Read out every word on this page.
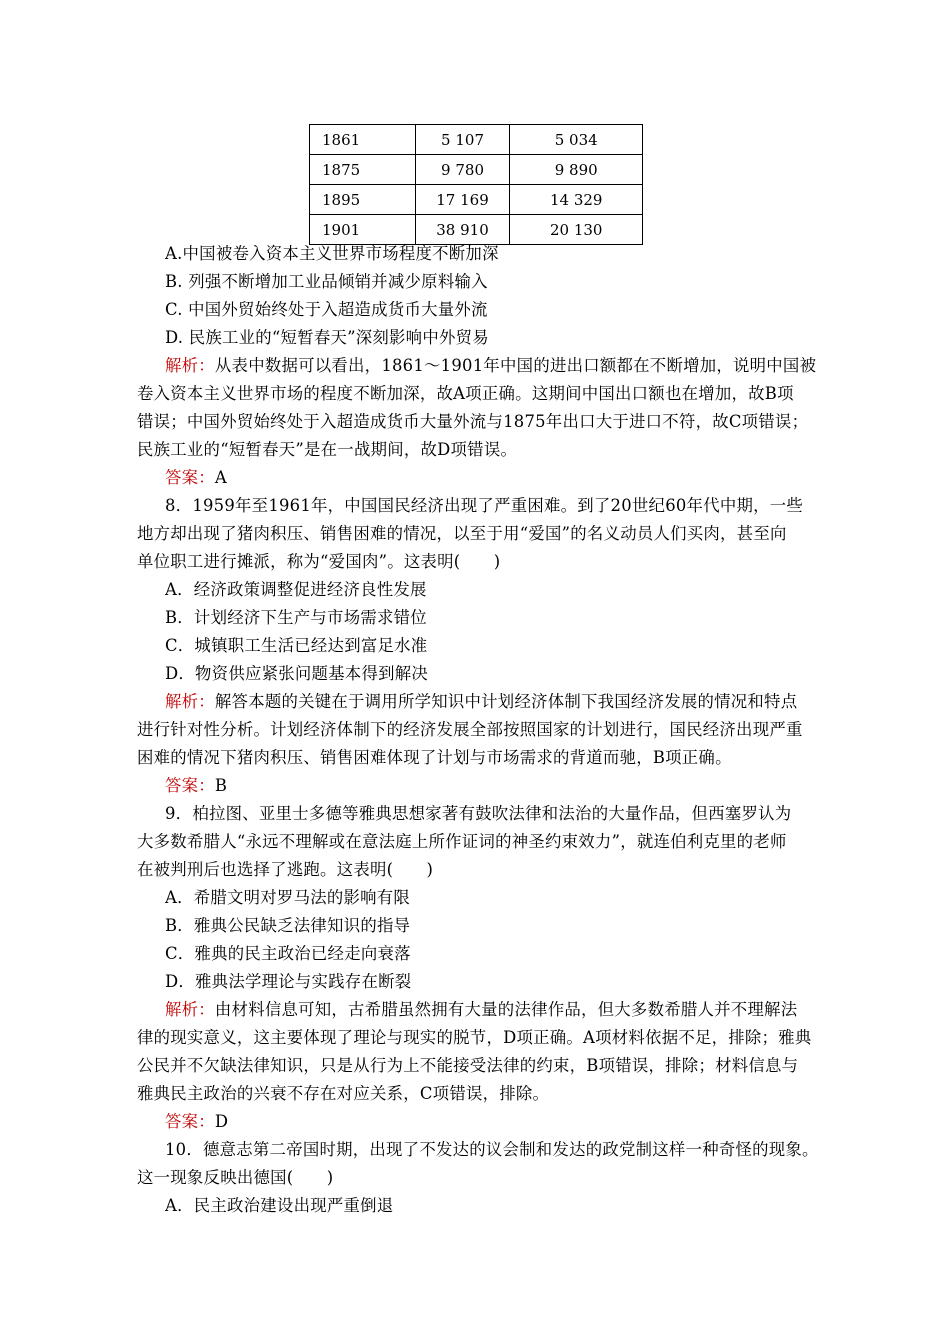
1861	5 107	5 034
1875	9 780	9 890
1895	17 169	14 329
1901	38 910	20 130
A.中国被卷入资本主义世界市场程度不断加深
B. 列强不断增加工业品倾销并减少原料输入
C. 中国外贸始终处于入超造成货币大量外流
D. 民族工业的“短暂春天”深刻影响中外贸易
解析：从表中数据可以看出，1861～1901年中国的进出口额都在不断增加，说明中国被
卷入资本主义世界市场的程度不断加深，故A项正确。这期间中国出口额也在增加，故B项
错误；中国外贸始终处于入超造成货币大量外流与1875年出口大于进口不符，故C项错误；
民族工业的“短暂春天”是在一战期间，故D项错误。
答案：A
8．1959年至1961年，中国国民经济出现了严重困难。到了20世纪60年代中期，一些
地方却出现了猪肉积压、销售困难的情况，以至于用“爱国”的名义动员人们买肉，甚至向
单位职工进行摊派，称为“爱国肉”。这表明(　　)
A．经济政策调整促进经济良性发展
B．计划经济下生产与市场需求错位
C．城镇职工生活已经达到富足水准
D．物资供应紧张问题基本得到解决
解析：解答本题的关键在于调用所学知识中计划经济体制下我国经济发展的情况和特点
进行针对性分析。计划经济体制下的经济发展全部按照国家的计划进行，国民经济出现严重
困难的情况下猪肉积压、销售困难体现了计划与市场需求的背道而驰，B项正确。
答案：B
9．柏拉图、亚里士多德等雅典思想家著有鼓吹法律和法治的大量作品，但西塞罗认为
大多数希腊人“永远不理解或在意法庭上所作证词的神圣约束效力”，就连伯利克里的老师
在被判刑后也选择了逃跑。这表明(　　)
A．希腊文明对罗马法的影响有限
B．雅典公民缺乏法律知识的指导
C．雅典的民主政治已经走向衰落
D．雅典法学理论与实践存在断裂
解析：由材料信息可知，古希腊虽然拥有大量的法律作品，但大多数希腊人并不理解法
律的现实意义，这主要体现了理论与现实的脱节，D项正确。A项材料依据不足，排除；雅典
公民并不欠缺法律知识，只是从行为上不能接受法律的约束，B项错误，排除；材料信息与
雅典民主政治的兴衰不存在对应关系，C项错误，排除。
答案：D
10．德意志第二帝国时期，出现了不发达的议会制和发达的政党制这样一种奇怪的现象。
这一现象反映出德国(　　)
A．民主政治建设出现严重倒退
